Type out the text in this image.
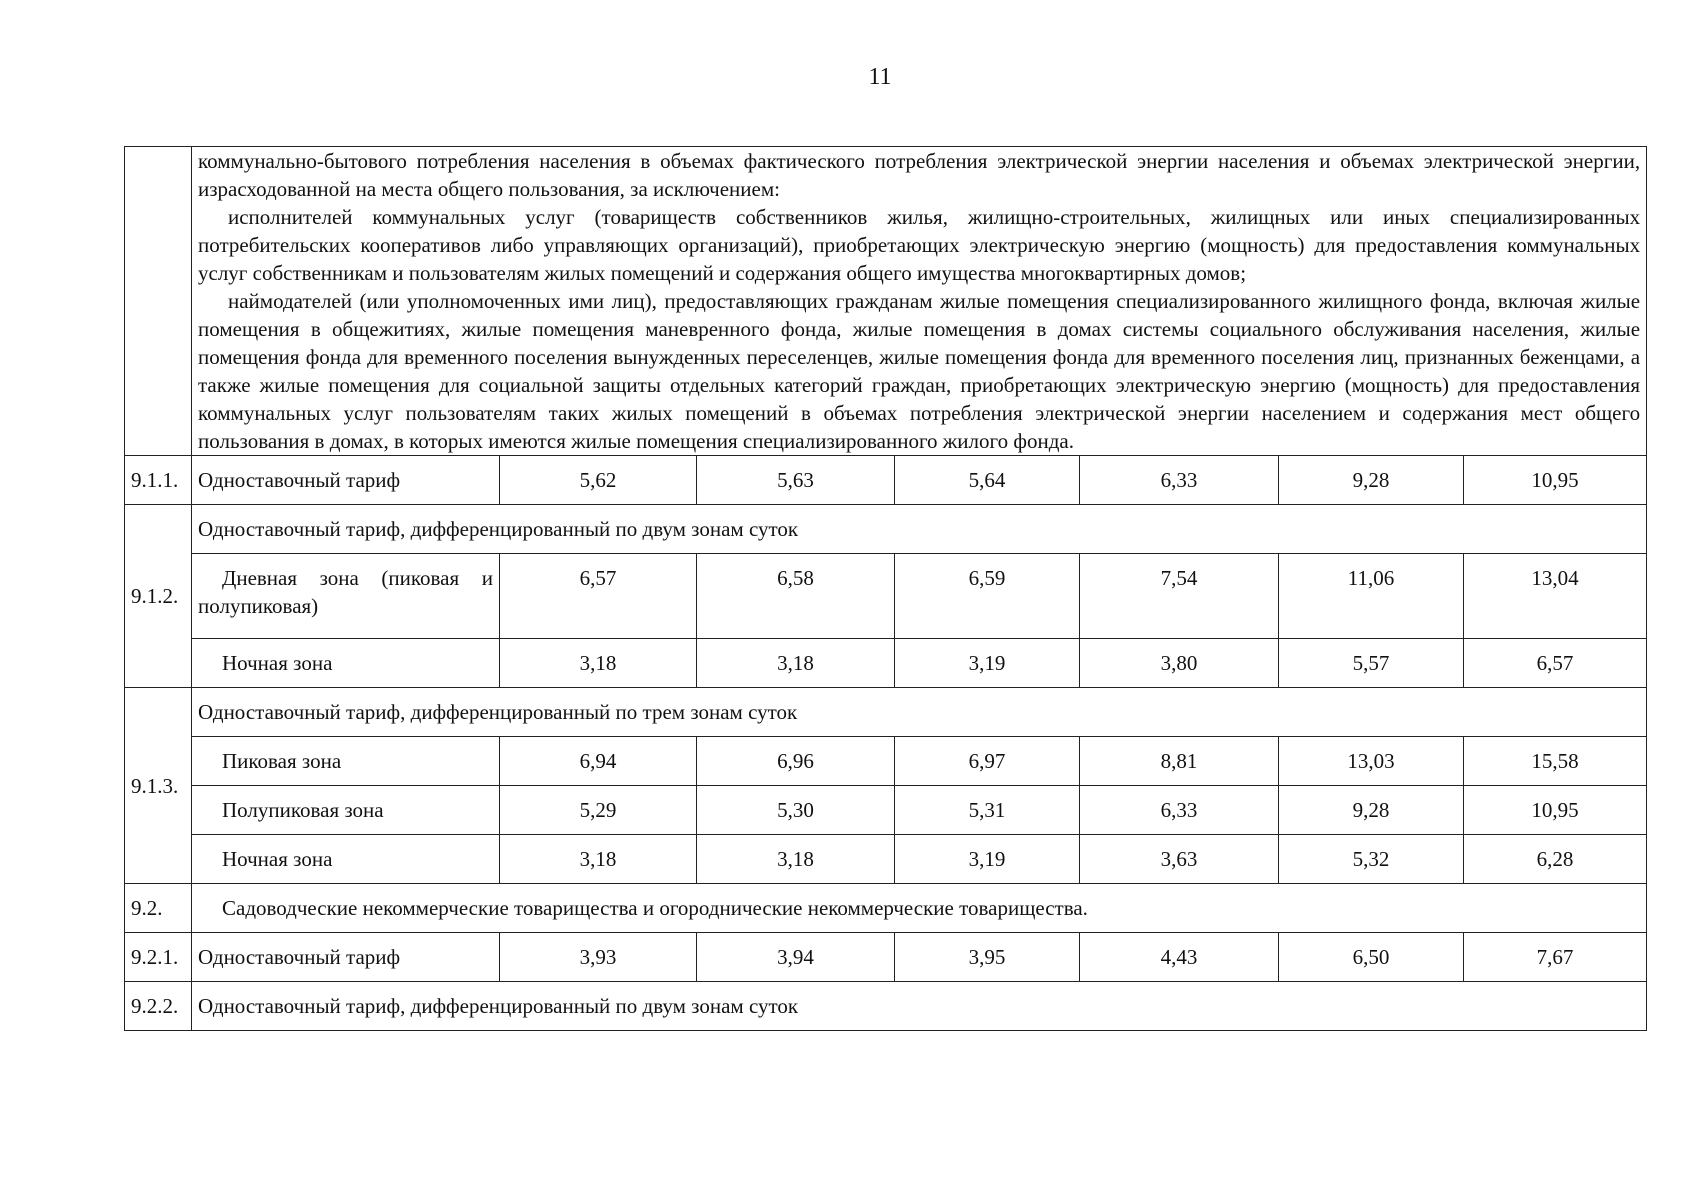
11

	коммунально-бытового потребления населения в объемах фактического потребления электрической энергии населения и объемах электрической энергии, израсходованной на места общего пользования, за исключением:

исполнителей коммунальных услуг (товариществ собственников жилья, жилищно-строительных, жилищных или иных специализированных потребительских кооперативов либо управляющих организаций), приобретающих электрическую энергию (мощность) для предоставления коммунальных услуг собственникам и пользователям жилых помещений и содержания общего имущества многоквартирных домов;

наймодателей (или уполномоченных ими лиц), предоставляющих гражданам жилые помещения специализированного жилищного фонда, включая жилые помещения в общежитиях, жилые помещения маневренного фонда, жилые помещения в домах системы социального обслуживания населения, жилые помещения фонда для временного поселения вынужденных переселенцев, жилые помещения фонда для временного поселения лиц, признанных беженцами, а также жилые помещения для социальной защиты отдельных категорий граждан, приобретающих электрическую энергию (мощность) для предоставления коммунальных услуг пользователям таких жилых помещений в объемах потребления электрической энергии населением и содержания мест общего пользования в домах, в которых имеются жилые помещения специализированного жилого фонда.						

9.1.1.	Одноставочный тариф	5,62	5,63	5,64	6,33	9,28	10,95
9.1.2.	Одноставочный тариф, дифференцированный по двум зонам суток						

	Дневная зона (пиковая и
полупиковая)	6,57	6,58	6,59	7,54	11,06	13,04
	Ночная зона	3,18	3,18	3,19	3,80	5,57	6,57
9.1.3.	Одноставочный тариф, дифференцированный по трем зонам суток						
	Пиковая зона	6,94	6,96	6,97	8,81	13,03	15,58
	Полупиковая зона	5,29	5,30	5,31	6,33	9,28	10,95
	Ночная зона	3,18	3,18	3,19	3,63	5,32	6,28
9.2.	Садоводческие некоммерческие товарищества и огороднические некоммерческие товарищества.						
9.2.1.	Одноставочный тариф	3,93	3,94	3,95	4,43	6,50	7,67
9.2.2.	Одноставочный тариф, дифференцированный по двум зонам суток						
